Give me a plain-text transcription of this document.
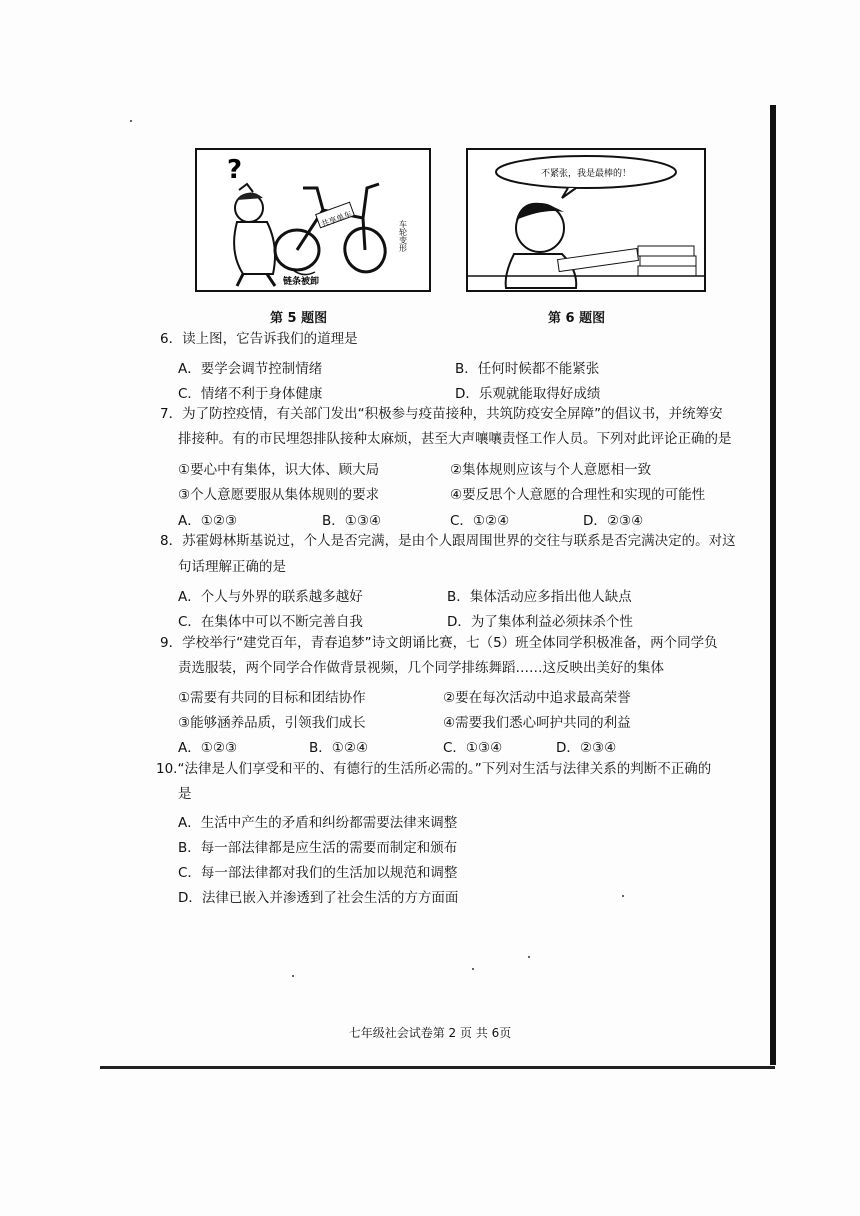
?
共享单车
车轮变形
链条被卸
第 5 题图
不紧张，我是最棒的！
第 6 题图
6．读上图，它告诉我们的道理是
A．要学会调节控制情绪	B．任何时候都不能紧张
C．情绪不利于身体健康	D．乐观就能取得好成绩
7．为了防控疫情，有关部门发出“积极参与疫苗接种，共筑防疫安全屏障”的倡议书，并统筹安
排接种。有的市民埋怨排队接种太麻烦，甚至大声嚷嚷责怪工作人员。下列对此评论正确的是
①要心中有集体，识大体、顾大局	②集体规则应该与个人意愿相一致
③个人意愿要服从集体规则的要求	④要反思个人意愿的合理性和实现的可能性
A．①②③	B．①③④	C．①②④	D．②③④
8．苏霍姆林斯基说过，个人是否完满，是由个人跟周围世界的交往与联系是否完满决定的。对这
句话理解正确的是
A．个人与外界的联系越多越好	B．集体活动应多指出他人缺点
C．在集体中可以不断完善自我	D．为了集体利益必须抹杀个性
9．学校举行“建党百年，青春追梦”诗文朗诵比赛，七（5）班全体同学积极准备，两个同学负
责选服装，两个同学合作做背景视频，几个同学排练舞蹈……这反映出美好的集体
①需要有共同的目标和团结协作	②要在每次活动中追求最高荣誉
③能够涵养品质，引领我们成长	④需要我们悉心呵护共同的利益
A．①②③	B．①②④	C．①③④	D．②③④
10.“法律是人们享受和平的、有德行的生活所必需的。”下列对生活与法律关系的判断不正确的
是
A．生活中产生的矛盾和纠纷都需要法律来调整
B．每一部法律都是应生活的需要而制定和颁布
C．每一部法律都对我们的生活加以规范和调整
D．法律已嵌入并渗透到了社会生活的方方面面
七年级社会试卷第 2 页 共 6页
